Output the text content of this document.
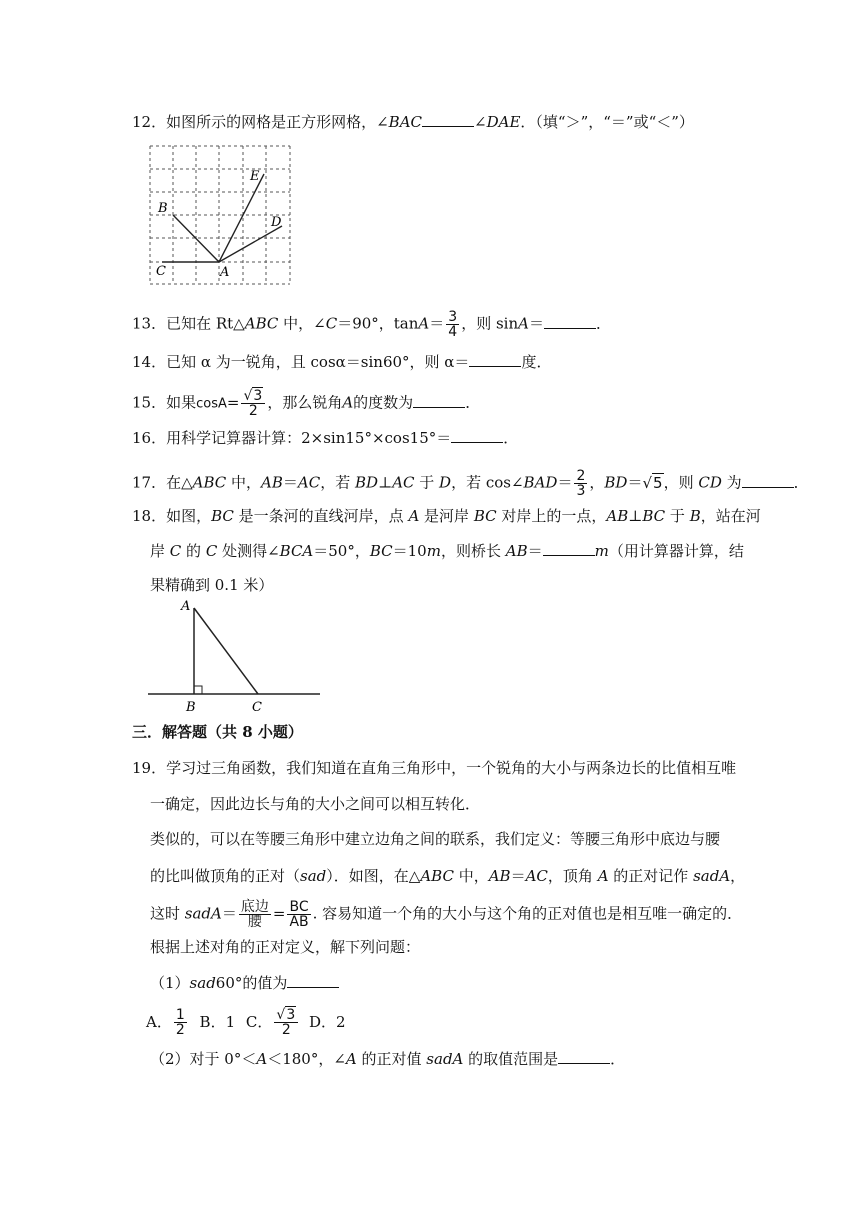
12．如图所示的网格是正方形网格，∠BAC	∠DAE．（填“＞”，“＝”或“＜”）
B
C	A
D
E
13．已知在 Rt△ABC 中，∠C＝90°，$\tan A= \frac{3}{4}$ ，则 sinA＝	．
14．已知 α 为一锐角，且 cosα＝sin60°，则 α＝	度．
15．如果$\cos A= \frac{√3}{2}$ ，那么锐角A的度数为	．
16．用科学记算器计算：2×sin15°×cos15°＝	．
17．在△ABC 中，AB＝AC，若 BD⊥AC 于 D，若 cos∠BAD＝ $\frac{2}{3}$ ，BD＝√5，则 CD 为	．
18．如图，BC 是一条河的直线河岸，点 A 是河岸 BC 对岸上的一点，AB⊥BC 于 B，站在河
岸 C 的 C 处测得∠BCA＝50°，BC＝10m，则桥长 AB＝	m（用计算器计算，结
果精确到 0.1 米）
A
B	C
三．解答题（共 8 小题）
19．学习过三角函数，我们知道在直角三角形中，一个锐角的大小与两条边长的比值相互唯
一确定，因此边长与角的大小之间可以相互转化．
类似的，可以在等腰三角形中建立边角之间的联系，我们定义：等腰三角形中底边与腰
的比叫做顶角的正对（sad）．如图，在△ABC 中，AB＝AC，顶角 A 的正对记作 sadA，
这时 sadA＝ $\frac{\text{底边}}{\text{腰}} = \frac{BC}{AB}$ . 容易知道一个角的大小与这个角的正对值也是相互唯一确定的．
根据上述对角的正对定义，解下列问题：
（1）sad60°的值为
A． $\frac{1}{2}$ B．1 C． $\frac{√3}{2}$ D．2
（2）对于 0°＜A＜180°，∠A 的正对值 sadA 的取值范围是	．
